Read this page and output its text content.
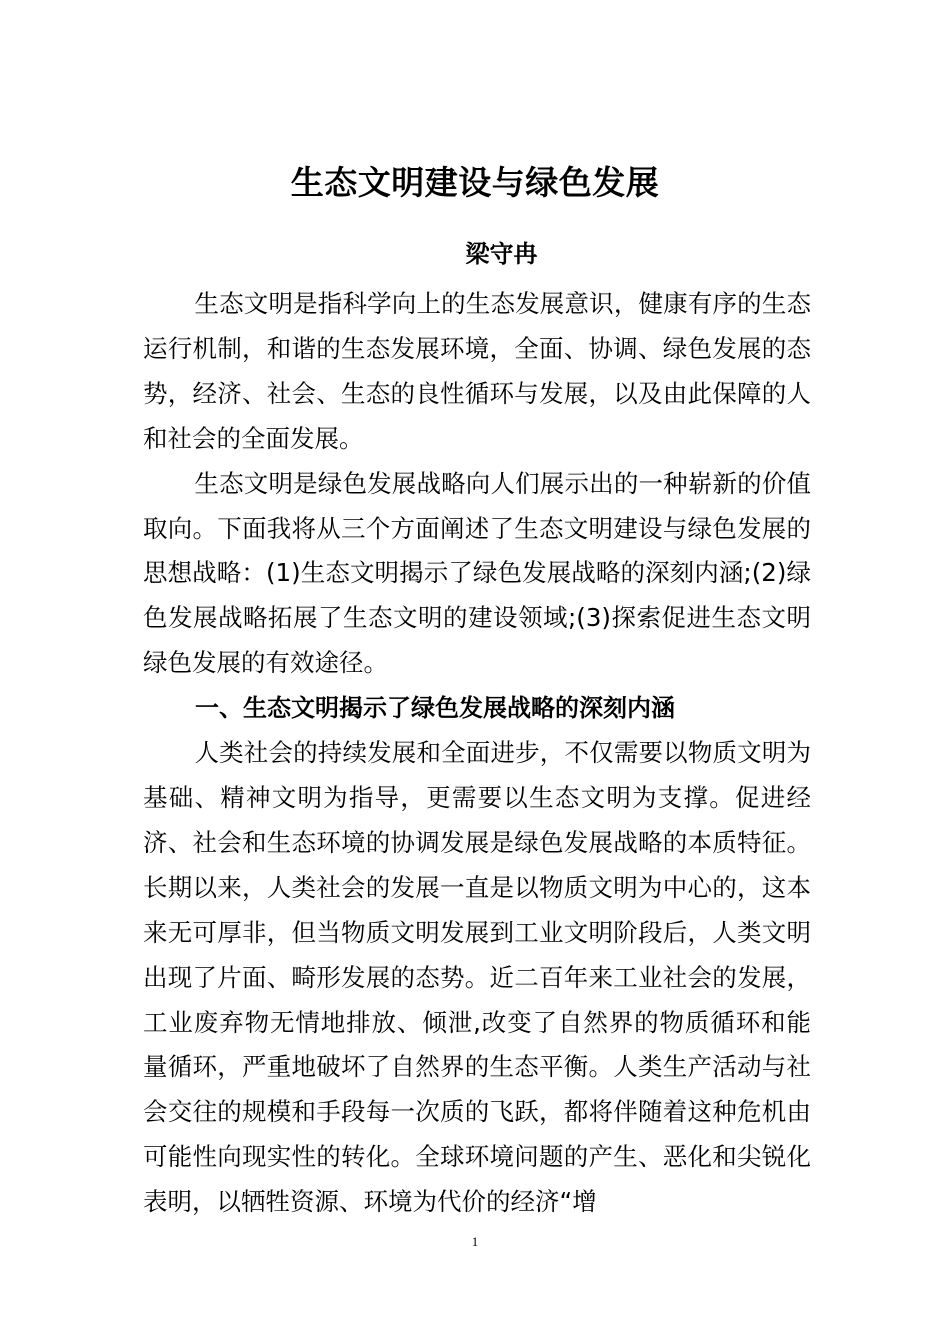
生态文明建设与绿色发展
梁守冉

生态文明是指科学向上的生态发展意识，健康有序的生态运行机制，和谐的生态发展环境，全面、协调、绿色发展的态势，经济、社会、生态的良性循环与发展，以及由此保障的人和社会的全面发展。

生态文明是绿色发展战略向人们展示出的一种崭新的价值取向。下面我将从三个方面阐述了生态文明建设与绿色发展的思想战略：(1)生态文明揭示了绿色发展战略的深刻内涵;(2)绿色发展战略拓展了生态文明的建设领域;(3)探索促进生态文明绿色发展的有效途径。

一、生态文明揭示了绿色发展战略的深刻内涵

人类社会的持续发展和全面进步，不仅需要以物质文明为基础、精神文明为指导，更需要以生态文明为支撑。促进经济、社会和生态环境的协调发展是绿色发展战略的本质特征。长期以来，人类社会的发展一直是以物质文明为中心的，这本来无可厚非，但当物质文明发展到工业文明阶段后，人类文明出现了片面、畸形发展的态势。近二百年来工业社会的发展，工业废弃物无情地排放、倾泄,改变了自然界的物质循环和能量循环，严重地破坏了自然界的生态平衡。人类生产活动与社会交往的规模和手段每一次质的飞跃，都将伴随着这种危机由可能性向现实性的转化。全球环境问题的产生、恶化和尖锐化表明，以牺牲资源、环境为代价的经济“增

1
